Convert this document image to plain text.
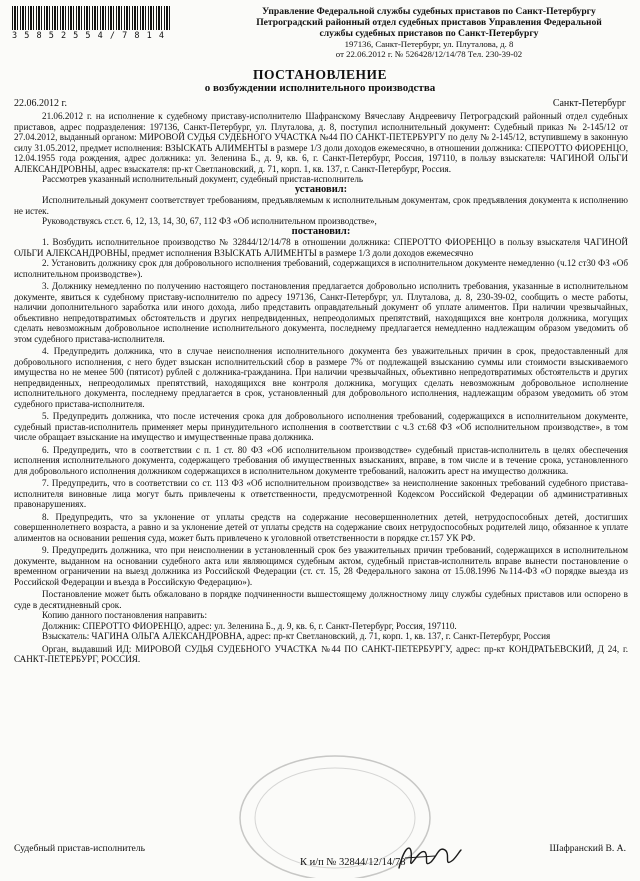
3 5 8 5 2 5 5 4 / 7 8 1 4
Управление Федеральной службы судебных приставов по Санкт-Петербургу
Петроградский районный отдел судебных приставов Управления Федеральной
службы судебных приставов по Санкт-Петербургу
197136, Санкт-Петербург, ул. Плуталова, д. 8
от 22.06.2012 г. № 526428/12/14/78 Тел. 230-39-02
ПОСТАНОВЛЕНИЕ
о возбуждении исполнительного производства
22.06.2012 г.	Санкт-Петербург

21.06.2012 г. на исполнение к судебному приставу-исполнителю Шафранскому Вячеславу Андреевичу Петроградский районный отдел судебных приставов, адрес подразделения: 197136, Санкт-Петербург, ул. Плуталова, д. 8, поступил исполнительный документ: Судебный приказ № 2-145/12 от 27.04.2012, выданный органом: МИРОВОЙ СУДЬЯ СУДЕБНОГО УЧАСТКА №44 ПО САНКТ-ПЕТЕРБУРГУ по делу № 2-145/12, вступившему в законную силу 31.05.2012, предмет исполнения: ВЗЫСКАТЬ АЛИМЕНТЫ в размере 1/3 доли доходов ежемесячно, в отношении должника: СПЕРОТТО ФИОРЕНЦО, 12.04.1955 года рождения, адрес должника: ул. Зеленина Б., д. 9, кв. 6, г. Санкт-Петербург, Россия, 197110, в пользу взыскателя: ЧАГИНОЙ ОЛЬГИ АЛЕКСАНДРОВНЫ, адрес взыскателя: пр-кт Светлановский, д. 71, корп. 1, кв. 137, г. Санкт-Петербург, Россия.

Рассмотрев указанный исполнительный документ, судебный пристав-исполнитель

установил:

Исполнительный документ соответствует требованиям, предъявляемым к исполнительным документам, срок предъявления документа к исполнению не истек.

Руководствуясь ст.ст. 6, 12, 13, 14, 30, 67, 112 ФЗ «Об исполнительном производстве»,

постановил:

1. Возбудить исполнительное производство № 32844/12/14/78 в отношении должника: СПЕРОТТО ФИОРЕНЦО в пользу взыскателя ЧАГИНОЙ ОЛЬГИ АЛЕКСАНДРОВНЫ, предмет исполнения ВЗЫСКАТЬ АЛИМЕНТЫ в размере 1/3 доли доходов ежемесячно

2. Установить должнику срок для добровольного исполнения требований, содержащихся в исполнительном документе немедленно (ч.12 ст30 ФЗ «Об исполнительном производстве»).

3. Должнику немедленно по получению настоящего постановления предлагается добровольно исполнить требования, указанные в исполнительном документе, явиться к судебному приставу-исполнителю по адресу 197136, Санкт-Петербург, ул. Плуталова, д. 8, 230-39-02, сообщить о месте работы, наличии дополнительного заработка или иного дохода, либо представить оправдательный документ об уплате алиментов. При наличии чрезвычайных, объективно непредотвратимых обстоятельств и других непредвиденных, непреодолимых препятствий, находящихся вне контроля должника, могущих сделать невозможным добровольное исполнение исполнительного документа, последнему предлагается немедленно надлежащим образом уведомить об этом судебного пристава-исполнителя.

4. Предупредить должника, что в случае неисполнения исполнительного документа без уважительных причин в срок, предоставленный для добровольного исполнения, с него будет взыскан исполнительский сбор в размере 7% от подлежащей взысканию суммы или стоимости взыскиваемого имущества но не менее 500 (пятисот) рублей с должника-гражданина. При наличии чрезвычайных, объективно непредотвратимых обстоятельств и других непредвиденных, непреодолимых препятствий, находящихся вне контроля должника, могущих сделать невозможным добровольное исполнение исполнительного документа, последнему предлагается в срок, установленный для добровольного исполнения, надлежащим образом уведомить об этом судебного пристава-исполнителя.

5. Предупредить должника, что после истечения срока для добровольного исполнения требований, содержащихся в исполнительном документе, судебный пристав-исполнитель применяет меры принудительного исполнения в соответствии с ч.3 ст.68 ФЗ «Об исполнительном производстве», в том числе обращает взыскание на имущество и имущественные права должника.

6. Предупредить, что в соответствии с п. 1 ст. 80 ФЗ «Об исполнительном производстве» судебный пристав-исполнитель в целях обеспечения исполнения исполнительного документа, содержащего требования об имущественных взысканиях, вправе, в том числе и в течение срока, установленного для добровольного исполнения должником содержащихся в исполнительном документе требований, наложить арест на имущество должника.

7. Предупредить, что в соответствии со ст. 113 ФЗ «Об исполнительном производстве» за неисполнение законных требований судебного пристава-исполнителя виновные лица могут быть привлечены к ответственности, предусмотренной Кодексом Российской Федерации об административных правонарушениях.

8. Предупредить, что за уклонение от уплаты средств на содержание несовершеннолетних детей, нетрудоспособных детей, достигших совершеннолетнего возраста, а равно и за уклонение детей от уплаты средств на содержание своих нетрудоспособных родителей лицо, обязанное к уплате алиментов на основании решения суда, может быть привлечено к уголовной ответственности в порядке ст.157 УК РФ.

9. Предупредить должника, что при неисполнении в установленный срок без уважительных причин требований, содержащихся в исполнительном документе, выданном на основании судебного акта или являющимся судебным актом, судебный пристав-исполнитель вправе вынести постановление о временном ограничении на выезд должника из Российской Федерации (ст. ст. 15, 28 Федерального закона от 15.08.1996 №114-ФЗ «О порядке выезда из Российской Федерации и въезда в Российскую Федерацию»).

Постановление может быть обжаловано в порядке подчиненности вышестоящему должностному лицу службы судебных приставов или оспорено в суде в десятидневный срок.

Копию данного постановления направить:

Должник: СПЕРОТТО ФИОРЕНЦО, адрес: ул. Зеленина Б., д. 9, кв. 6, г. Санкт-Петербург, Россия, 197110.

Взыскатель: ЧАГИНА ОЛЬГА АЛЕКСАНДРОВНА, адрес: пр-кт Светлановский, д. 71, корп. 1, кв. 137, г. Санкт-Петербург, Россия

Орган, выдавший ИД: МИРОВОЙ СУДЬЯ СУДЕБНОГО УЧАСТКА №44 ПО САНКТ-ПЕТЕРБУРГУ, адрес: пр-кт КОНДРАТЬЕВСКИЙ, Д 24, г. САНКТ-ПЕТЕРБУРГ, РОССИЯ.

Судебный пристав-исполнитель	Шафранский В. А.
К и/п № 32844/12/14/78
